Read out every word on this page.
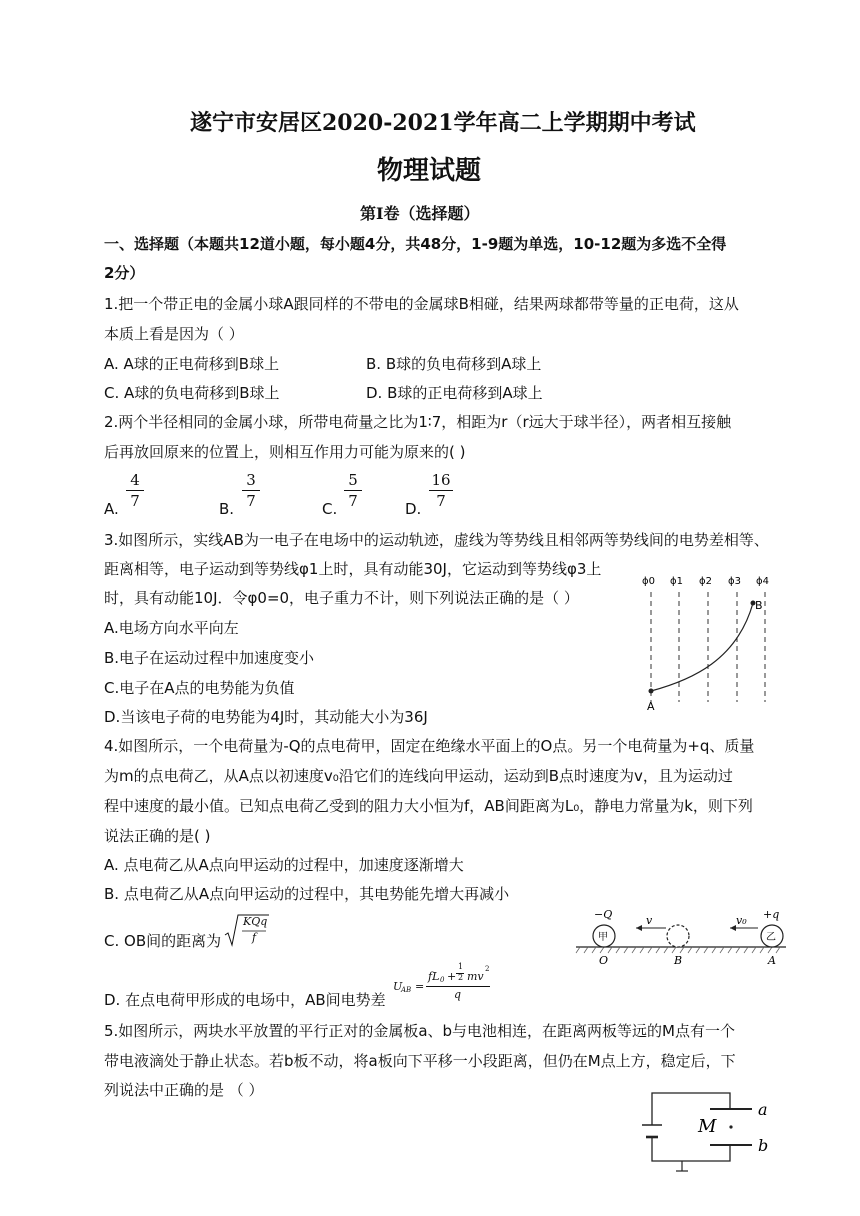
遂宁市安居区2020-2021学年高二上学期期中考试
物理试题
第I卷（选择题）
一、选择题（本题共12道小题，每小题4分，共48分，1-9题为单选，10-12题为多选不全得
2分）
1.把一个带正电的金属小球A跟同样的不带电的金属球B相碰，结果两球都带等量的正电荷，这从
本质上看是因为（ ）
A. A球的正电荷移到B球上	B. B球的负电荷移到A球上
C. A球的负电荷移到B球上	D. B球的正电荷移到A球上
2.两个半径相同的金属小球，所带电荷量之比为1∶7，相距为r（r远大于球半径），两者相互接触
后再放回原来的位置上，则相互作用力可能为原来的( )
A. $\frac{4}{7}$	B. $\frac{3}{7}$	C. $\frac{5}{7}$	D. $\frac{16}{7}$
3.如图所示，实线AB为一电子在电场中的运动轨迹，虚线为等势线且相邻两等势线间的电势差相等、
距离相等，电子运动到等势线φ1上时，具有动能30J，它运动到等势线φ3上
时，具有动能10J．令φ0=0，电子重力不计，则下列说法正确的是（ ）
A.电场方向水平向左
B.电子在运动过程中加速度变小
C.电子在A点的电势能为负值
D.当该电子荷的电势能为4J时，其动能大小为36J
ϕ0 ϕ1 ϕ2 ϕ3 ϕ4
A
B
4.如图所示，一个电荷量为-Q的点电荷甲，固定在绝缘水平面上的O点。另一个电荷量为+q、质量
为m的点电荷乙，从A点以初速度v₀沿它们的连线向甲运动，运动到B点时速度为v，且为运动过
程中速度的最小值。已知点电荷乙受到的阻力大小恒为f，AB间距离为L₀，静电力常量为k，则下列
说法正确的是( )
A. 点电荷乙从A点向甲运动的过程中，加速度逐渐增大
B. 点电荷乙从A点向甲运动的过程中，其电势能先增大再减小
C. OB间的距离为
KQq
f
D. 在点电荷甲形成的电场中，AB间电势差
U
AB =
fL 0 +
1
2 mv
2
q
−Q
甲	乙
+q
v	v₀
O	B	A
5.如图所示，两块水平放置的平行正对的金属板a、b与电池相连，在距离两板等远的M点有一个
带电液滴处于静止状态。若b板不动，将a板向下平移一小段距离，但仍在M点上方，稳定后，下
列说法中正确的是 （ ）
M
a
b
